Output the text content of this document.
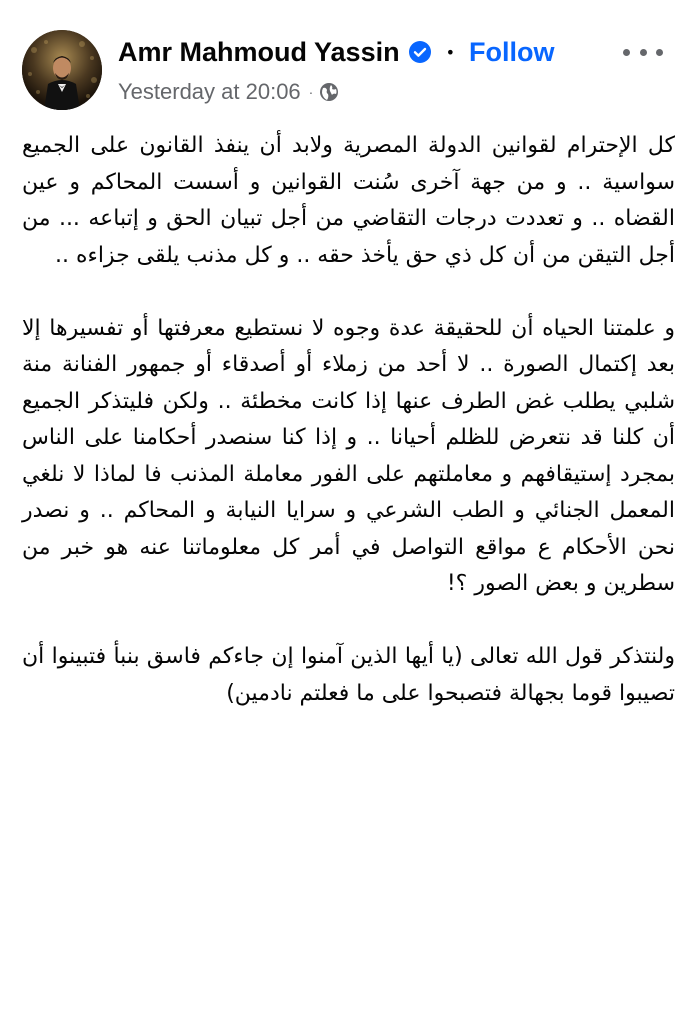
Amr Mahmoud Yassin	• Follow
Yesterday at 20:06 ·

كل الإحترام لقوانين الدولة المصرية ولابد أن ينفذ القانون على الجميع سواسية .. و من جهة آخرى سُنت القوانين و أسست المحاكم و عين القضاه .. و تعددت درجات التقاضي من أجل تبيان الحق و إتباعه ... من أجل التيقن من أن كل ذي حق يأخذ حقه .. و كل مذنب يلقى جزاءه ..

و علمتنا الحياه أن للحقيقة عدة وجوه لا نستطيع معرفتها أو تفسيرها إلا بعد إكتمال الصورة .. لا أحد من زملاء أو أصدقاء أو جمهور الفنانة منة شلبي يطلب غض الطرف عنها إذا كانت مخطئة .. ولكن فليتذكر الجميع أن كلنا قد نتعرض للظلم أحيانا .. و إذا كنا سنصدر أحكامنا على الناس بمجرد إستيقافهم و معاملتهم على الفور معاملة المذنب فا لماذا لا نلغي المعمل الجنائي و الطب الشرعي و سرايا النيابة و المحاكم .. و نصدر نحن الأحكام ع مواقع التواصل في أمر كل معلوماتنا عنه هو خبر من سطرين و بعض الصور ؟!

ولنتذكر قول الله تعالى (يا أيها الذين آمنوا إن جاءكم فاسق بنبأ فتبينوا أن تصيبوا قوما بجهالة فتصبحوا على ما فعلتم نادمين)
